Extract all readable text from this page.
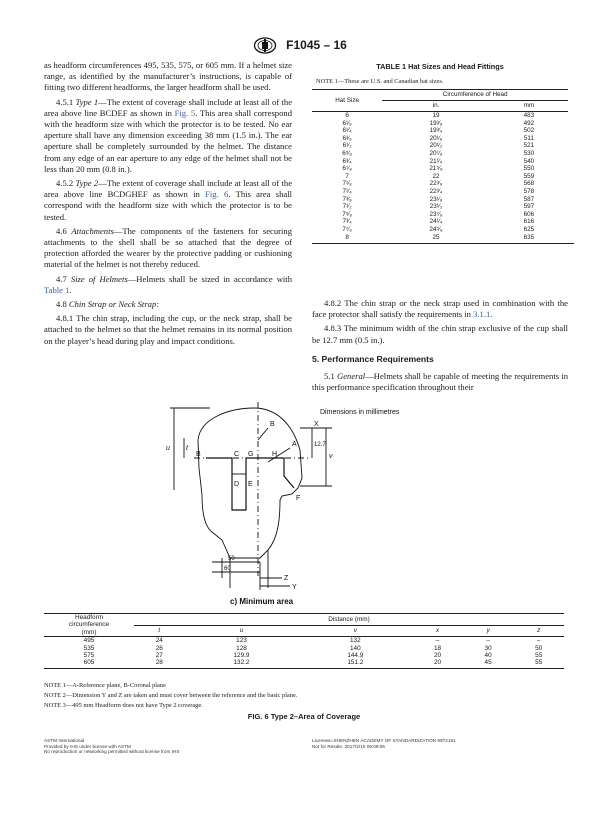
F1045 – 16

as headform circumferences 495, 535, 575, or 605 mm. If a helmet size range, as identified by the manufacturer’s instructions, is capable of fitting two different headforms, the larger headform shall be used.

4.5.1 Type 1—The extent of coverage shall include at least all of the area above line BCDEF as shown in Fig. 5. This area shall correspond with the headform size with which the protector is to be tested. No ear aperture shall have any dimension exceeding 38 mm (1.5 in.). The ear aperture shall be completely surrounded by the helmet. The distance from any edge of an ear aperture to any edge of the helmet shall not be less than 20 mm (0.8 in.).

4.5.2 Type 2—The extent of coverage shall include at least all of the area above line BCDGHEF as shown in Fig. 6. This area shall correspond with the headform size with which the protector is to be tested.

4.6 Attachments—The components of the fasteners for securing attachments to the shell shall be so attached that the degree of protection afforded the wearer by the protective padding or cushioning material of the helmet is not thereby reduced.

4.7 Size of Helmets—Helmets shall be sized in accordance with Table 1.

4.8 Chin Strap or Neck Strap:

4.8.1 The chin strap, including the cup, or the neck strap, shall be attached to the helmet so that the helmet remains in its normal position on the player’s head during play and impact conditions.

TABLE 1 Hat Sizes and Head Fittings
NOTE 1—These are U.S. and Canadian hat sizes.
Hat Size	Circumference of Head	
	in.	mm
6	19	483
6¹⁄₈	19³⁄₈	492
6¹⁄₄	19³⁄₄	502
6³⁄₈	20¹⁄₈	511
6¹⁄₂	20¹⁄₂	521
6⁵⁄₈	20⁷⁄₈	530
6³⁄₄	21¹⁄₄	540
6⁷⁄₈	21⁵⁄₈	550
7	22	559
7¹⁄₈	22³⁄₈	568
7¹⁄₄	22³⁄₄	578
7³⁄₈	23¹⁄₈	587
7¹⁄₂	23¹⁄₂	597
7⁵⁄₈	23⁷⁄₈	606
7³⁄₄	24¹⁄₄	616
7⁷⁄₈	24⁵⁄₈	625
8	25	635

4.8.2 The chin strap or the neck strap used in combination with the face protector shall satisfy the requirements in 3.1.1.

4.8.3 The minimum width of the chin strap exclusive of the cup shall be 12.7 mm (0.5 in.).

5. Performance Requirements

5.1 General—Helmets shall be capable of meeting the requirements in this performance specification throughout their

Dimensions in millimetres
A
B
B	C G	H
D E
F
t
u
v
X
12.7
50
60
Z
Y
c) Minimum area
Headform
circumference
(mm)	Distance (mm)					
	t	u	v	x	y	z
495	24	123	132	–	–	–
535	26	128	140	18	30	50
575	27	129.9	144.9	20	40	55
605	28	132.2	151.2	20	45	55
NOTE 1—A-Reference plane, B-Coronal plane
NOTE 2—Dimension Y and Z are taken and must cover between the reference and the basic plane.
NOTE 3—495 mm Headform does not have Type 2 coverage.
FIG. 6 Type 2–Area of Coverage
ASTM International
Provided by IHS under license with ASTM
No reproduction or networking permitted without license from IHS
Licensee=SHENZHEN ACADEMY OF STANDARDIZATION 9972161
Not for Resale, 2017/2/10 09:09:06
